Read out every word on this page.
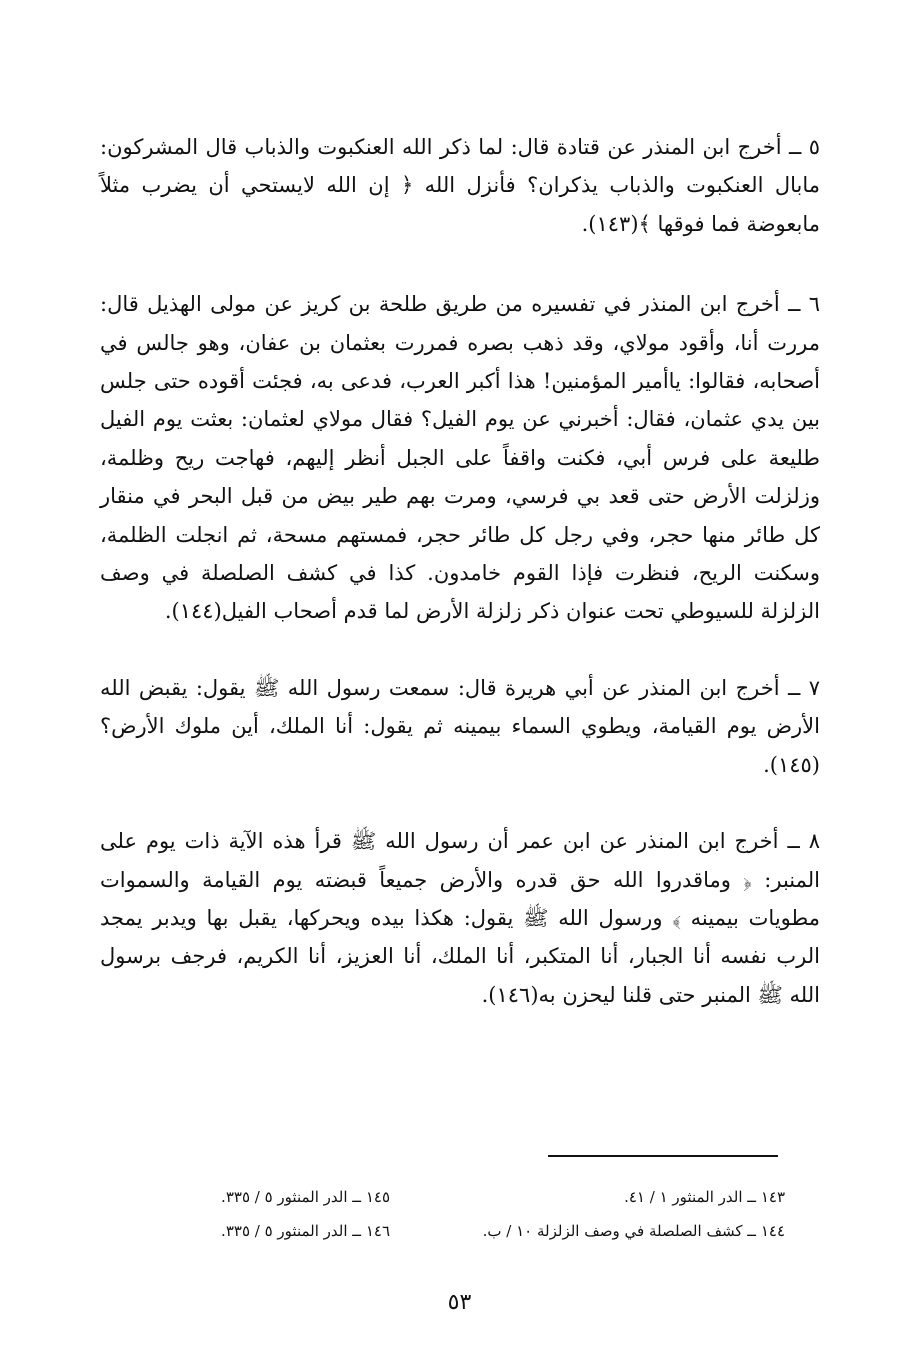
٥ ــ أخرج ابن المنذر عن قتادة قال: لما ذكر الله العنكبوت والذباب قال المشركون: مابال العنكبوت والذباب يذكران؟ فأنزل الله ﴿ إن الله لايستحي أن يضرب مثلاً مابعوضة فما فوقها ﴾(١٤٣).

٦ ــ أخرج ابن المنذر في تفسيره من طريق طلحة بن كريز عن مولى الهذيل قال: مررت أنا، وأقود مولاي، وقد ذهب بصره فمررت بعثمان بن عفان، وهو جالس في أصحابه، فقالوا: ياأمير المؤمنين! هذا أكبر العرب، فدعى به، فجئت أقوده حتى جلس بين يدي عثمان، فقال: أخبرني عن يوم الفيل؟ فقال مولاي لعثمان: بعثت يوم الفيل طليعة على فرس أبي، فكنت واقفاً على الجبل أنظر إليهم، فهاجت ريح وظلمة، وزلزلت الأرض حتى قعد بي فرسي، ومرت بهم طير بيض من قبل البحر في منقار كل طائر منها حجر، وفي رجل كل طائر حجر، فمستهم مسحة، ثم انجلت الظلمة، وسكنت الريح، فنظرت فإذا القوم خامدون. كذا في كشف الصلصلة في وصف الزلزلة للسيوطي تحت عنوان ذكر زلزلة الأرض لما قدم أصحاب الفيل(١٤٤).

٧ ــ أخرج ابن المنذر عن أبي هريرة قال: سمعت رسول الله ﷺ يقول: يقبض الله الأرض يوم القيامة، ويطوي السماء بيمينه ثم يقول: أنا الملك، أين ملوك الأرض؟(١٤٥).

٨ ــ أخرج ابن المنذر عن ابن عمر أن رسول الله ﷺ قرأ هذه الآية ذات يوم على المنبر: ﴿ وماقدروا الله حق قدره والأرض جميعاً قبضته يوم القيامة والسموات مطويات بيمينه ﴾ ورسول الله ﷺ يقول: هكذا بيده ويحركها، يقبل بها ويدبر يمجد الرب نفسه أنا الجبار، أنا المتكبر، أنا الملك، أنا العزيز، أنا الكريم، فرجف برسول الله ﷺ المنبر حتى قلنا ليحزن به(١٤٦).

١٤٣ ــ الدر المنثور ١ / ٤١.
١٤٥ ــ الدر المنثور ٥ / ٣٣٥.
١٤٤ ــ كشف الصلصلة في وصف الزلزلة ١٠ / ب.
١٤٦ ــ الدر المنثور ٥ / ٣٣٥.
٥٣
